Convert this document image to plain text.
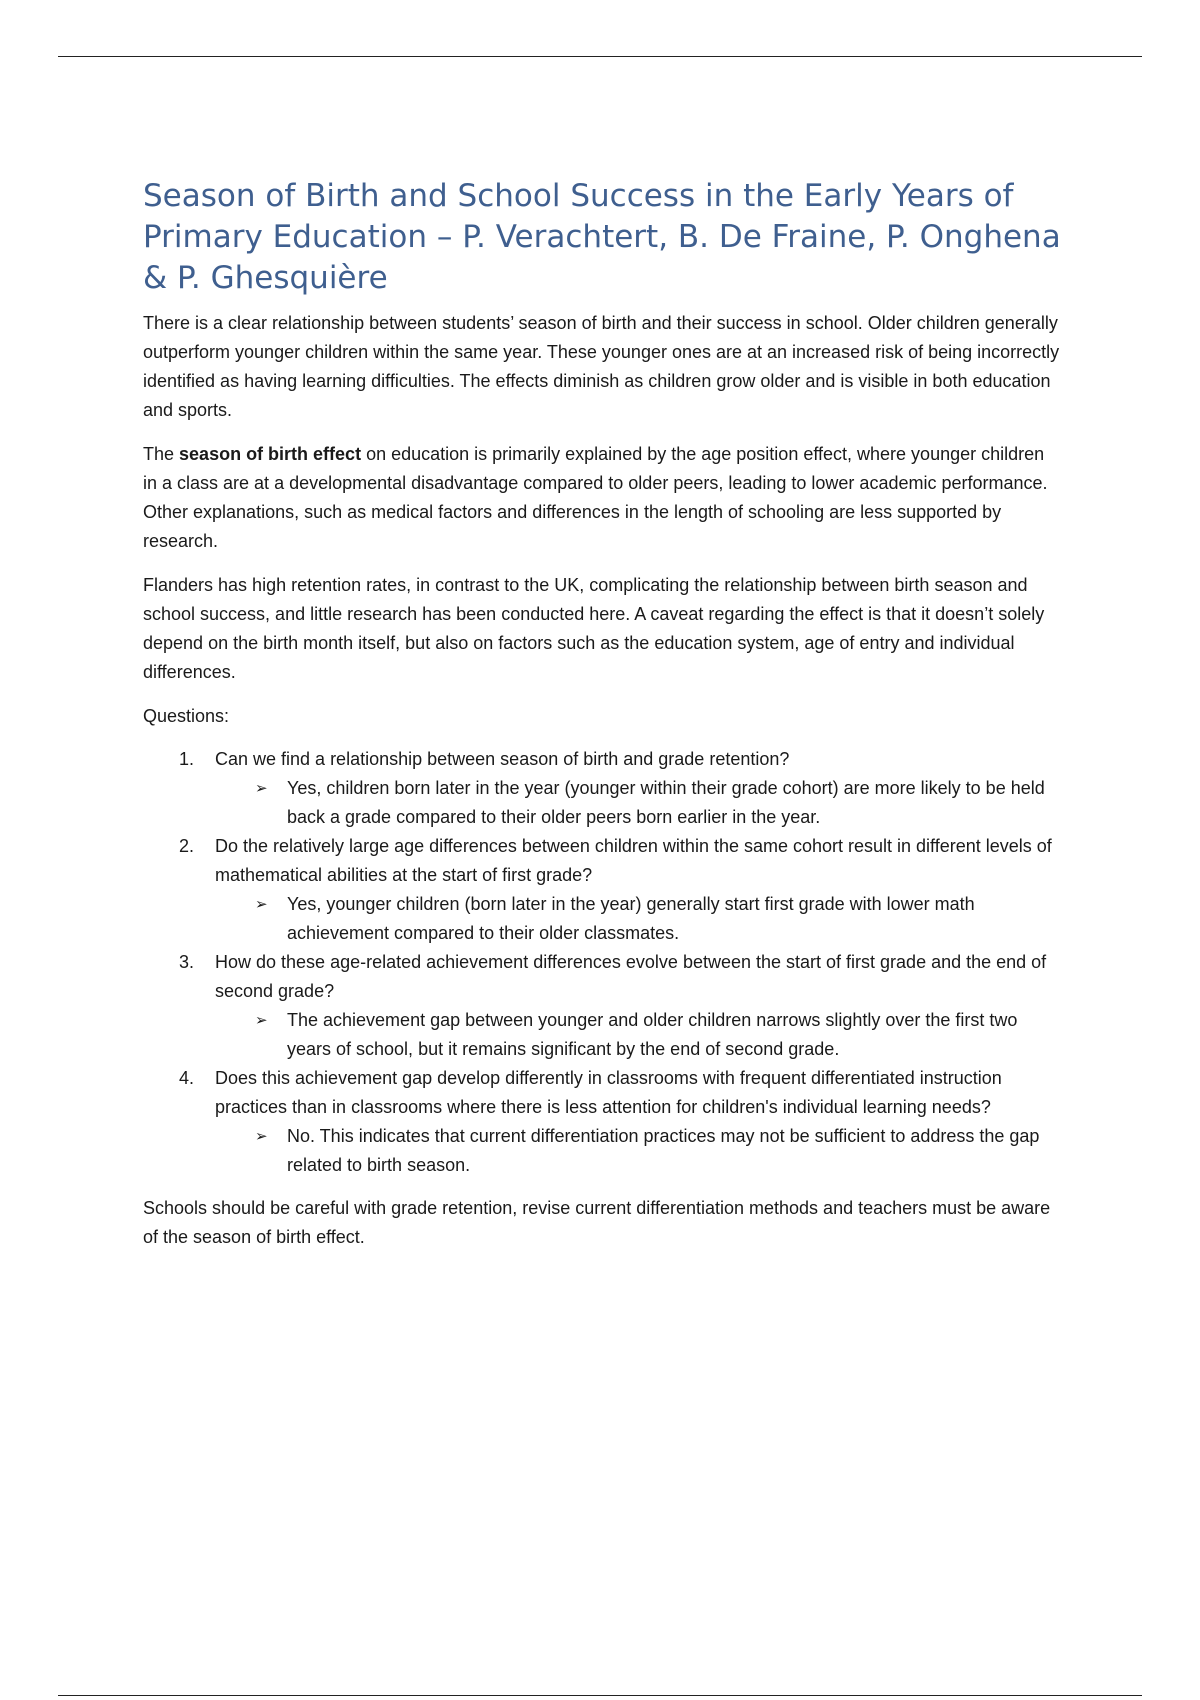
Season of Birth and School Success in the Early Years of Primary Education – P. Verachtert, B. De Fraine, P. Onghena & P. Ghesquière

There is a clear relationship between students’ season of birth and their success in school. Older children generally outperform younger children within the same year. These younger ones are at an increased risk of being incorrectly identified as having learning difficulties. The effects diminish as children grow older and is visible in both education and sports.

The season of birth effect on education is primarily explained by the age position effect, where younger children in a class are at a developmental disadvantage compared to older peers, leading to lower academic performance. Other explanations, such as medical factors and differences in the length of schooling are less supported by research.

Flanders has high retention rates, in contrast to the UK, complicating the relationship between birth season and school success, and little research has been conducted here. A caveat regarding the effect is that it doesn’t solely depend on the birth month itself, but also on factors such as the education system, age of entry and individual differences.

Questions:

1. Can we find a relationship between season of birth and grade retention?
➢ Yes, children born later in the year (younger within their grade cohort) are more likely to be held back a grade compared to their older peers born earlier in the year.
2. Do the relatively large age differences between children within the same cohort result in different levels of mathematical abilities at the start of first grade?
➢ Yes, younger children (born later in the year) generally start first grade with lower math achievement compared to their older classmates.
3. How do these age-related achievement differences evolve between the start of first grade and the end of second grade?
➢ The achievement gap between younger and older children narrows slightly over the first two years of school, but it remains significant by the end of second grade.
4. Does this achievement gap develop differently in classrooms with frequent differentiated instruction practices than in classrooms where there is less attention for children's individual learning needs?
➢ No. This indicates that current differentiation practices may not be sufficient to address the gap related to birth season.

Schools should be careful with grade retention, revise current differentiation methods and teachers must be aware of the season of birth effect.
